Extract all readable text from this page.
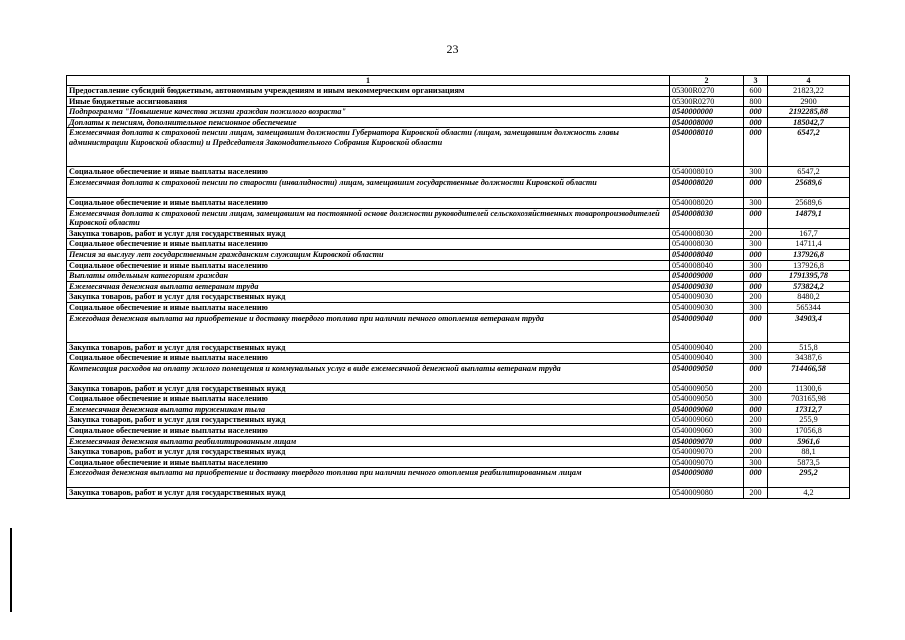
23
1	2	3	4
Предоставление субсидий бюджетным, автономным учреждениям и иным некоммерческим организациям	05300R0270	600	21823,22
Иные бюджетные ассигнования	05300R0270	800	2900
Подпрограмма "Повышение качества жизни граждан пожилого возраста"	0540000000	000	2192285,88
Доплаты к пенсиям, дополнительное пенсионное обеспечение	0540008000	000	185042,7
Ежемесячная доплата к страховой пенсии лицам, замещавшим должности Губернатора Кировской области (лицам, замещавшим должность главы администрации Кировской области) и Председателя Законодательного Собрания Кировской области	0540008010	000	6547,2
Социальное обеспечение и иные выплаты населению	0540008010	300	6547,2
Ежемесячная доплата к страховой пенсии по старости (инвалидности) лицам, замещавшим государственные должности Кировской области	0540008020	000	25689,6
Социальное обеспечение и иные выплаты населению	0540008020	300	25689,6
Ежемесячная доплата к страховой пенсии лицам, замещавшим на постоянной основе должности руководителей сельскохозяйственных товаропроизводителей Кировской области	0540008030	000	14879,1
Закупка товаров, работ и услуг для государственных нужд	0540008030	200	167,7
Социальное обеспечение и иные выплаты населению	0540008030	300	14711,4
Пенсия за выслугу лет государственным гражданским служащим Кировской области	0540008040	000	137926,8
Социальное обеспечение и иные выплаты населению	0540008040	300	137926,8
Выплаты отдельным категориям граждан	0540009000	000	1791395,78
Ежемесячная денежная выплата ветеранам труда	0540009030	000	573824,2
Закупка товаров, работ и услуг для государственных нужд	0540009030	200	8480,2
Социальное обеспечение и иные выплаты населению	0540009030	300	565344
Ежегодная денежная выплата на приобретение и доставку твердого топлива при наличии печного отопления ветеранам труда	0540009040	000	34903,4
Закупка товаров, работ и услуг для государственных нужд	0540009040	200	515,8
Социальное обеспечение и иные выплаты населению	0540009040	300	34387,6
Компенсация расходов на оплату жилого помещения и коммунальных услуг в виде ежемесячной денежной выплаты ветеранам труда	0540009050	000	714466,58
Закупка товаров, работ и услуг для государственных нужд	0540009050	200	11300,6
Социальное обеспечение и иные выплаты населению	0540009050	300	703165,98
Ежемесячная денежная выплата труженикам тыла	0540009060	000	17312,7
Закупка товаров, работ и услуг для государственных нужд	0540009060	200	255,9
Социальное обеспечение и иные выплаты населению	0540009060	300	17056,8
Ежемесячная денежная выплата реабилитированным лицам	0540009070	000	5961,6
Закупка товаров, работ и услуг для государственных нужд	0540009070	200	88,1
Социальное обеспечение и иные выплаты населению	0540009070	300	5873,5
Ежегодная денежная выплата на приобретение и доставку твердого топлива при наличии печного отопления реабилитированным лицам	0540009080	000	295,2
Закупка товаров, работ и услуг для государственных нужд	0540009080	200	4,2
